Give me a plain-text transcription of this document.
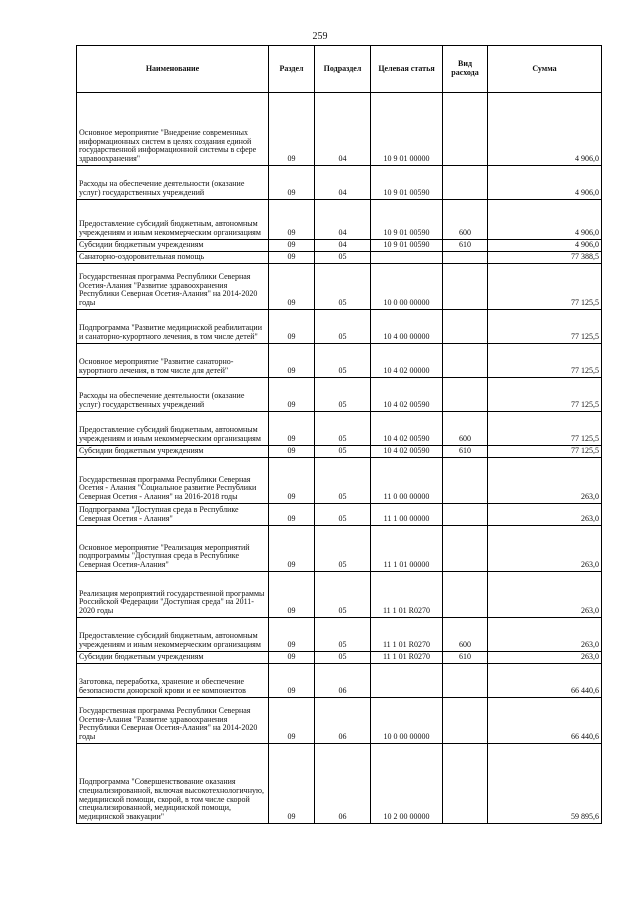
259
Наименование	Раздел	Подраздел	Целевая статья	Вид расхода	Сумма
Основное мероприятие "Внедрение современных информационных систем в целях создания единой государственной информационной системы в сфере здравоохранения"	09	04	10 9 01 00000		4 906,0
Расходы на обеспечение деятельности (оказание услуг) государственных учреждений	09	04	10 9 01 00590		4 906,0
Предоставление субсидий бюджетным, автономным учреждениям и иным некоммерческим организациям	09	04	10 9 01 00590	600	4 906,0
Субсидии бюджетным учреждениям	09	04	10 9 01 00590	610	4 906,0
Санаторно-оздоровительная помощь	09	05			77 388,5
Государственная программа Республики Северная Осетия-Алания "Развитие здравоохранения Республики Северная Осетия-Алания" на 2014-2020 годы	09	05	10 0 00 00000		77 125,5
Подпрограмма "Развитие медицинской реабилитации и санаторно-курортного лечения, в том числе детей"	09	05	10 4 00 00000		77 125,5
Основное мероприятие "Развитие санаторно-курортного лечения, в том числе для детей"	09	05	10 4 02 00000		77 125,5
Расходы на обеспечение деятельности (оказание услуг) государственных учреждений	09	05	10 4 02 00590		77 125,5
Предоставление субсидий бюджетным, автономным учреждениям и иным некоммерческим организациям	09	05	10 4 02 00590	600	77 125,5
Субсидии бюджетным учреждениям	09	05	10 4 02 00590	610	77 125,5
Государственная программа Республики Северная Осетия - Алания "Социальное развитие Республики Северная Осетия - Алания" на 2016-2018 годы	09	05	11 0 00 00000		263,0
Подпрограмма "Доступная среда в Республике Северная Осетия - Алания"	09	05	11 1 00 00000		263,0
Основное мероприятие "Реализация мероприятий подпрограммы "Доступная среда в Республике Северная Осетия-Алания"	09	05	11 1 01 00000		263,0
Реализация мероприятий государственной программы Российской Федерации "Доступная среда" на 2011-2020 годы	09	05	11 1 01 R0270		263,0
Предоставление субсидий бюджетным, автономным учреждениям и иным некоммерческим организациям	09	05	11 1 01 R0270	600	263,0
Субсидии бюджетным учреждениям	09	05	11 1 01 R0270	610	263,0
Заготовка, переработка, хранение и обеспечение безопасности донорской крови и ее компонентов	09	06			66 440,6
Государственная программа Республики Северная Осетия-Алания "Развитие здравоохранения Республики Северная Осетия-Алания" на 2014-2020 годы	09	06	10 0 00 00000		66 440,6
Подпрограмма "Совершенствование оказания специализированной, включая высокотехнологичную, медицинской помощи, скорой, в том числе скорой специализированной, медицинской помощи, медицинской эвакуации"	09	06	10 2 00 00000		59 895,6
